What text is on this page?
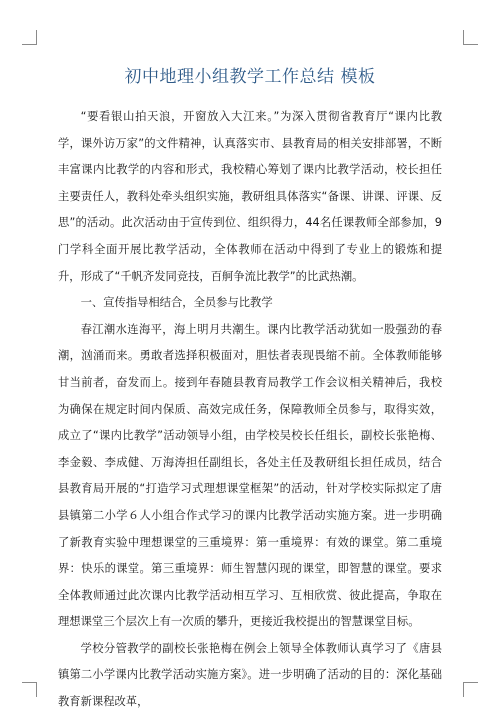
初中地理小组教学工作总结 模板

“要看银山拍天浪，开窗放入大江来。”为深入贯彻省教育厅“课内比教学，课外访万家”的文件精神，认真落实市、县教育局的相关安排部署，不断丰富课内比教学的内容和形式，我校精心筹划了课内比教学活动，校长担任主要责任人，教科处牵头组织实施，教研组具体落实“备课、讲课、评课、反思”的活动。此次活动由于宣传到位、组织得力，44名任课教师全部参加，9门学科全面开展比教学活动，全体教师在活动中得到了专业上的锻炼和提升，形成了“千帆齐发同竞技，百舸争流比教学”的比武热潮。

一、宣传指导相结合，全员参与比教学

春江潮水连海平，海上明月共潮生。课内比教学活动犹如一股强劲的春潮，汹涌而来。勇敢者选择积极面对，胆怯者表现畏缩不前。全体教师能够甘当前者，奋发而上。接到年春随县教育局教学工作会议相关精神后，我校为确保在规定时间内保质、高效完成任务，保障教师全员参与，取得实效，成立了“课内比教学”活动领导小组，由学校吴校长任组长，副校长张艳梅、李金毅、李成健、万海涛担任副组长，各处主任及教研组长担任成员，结合县教育局开展的“打造学习式理想课堂框架”的活动，针对学校实际拟定了唐县镇第二小学６人小组合作式学习的课内比教学活动实施方案。进一步明确了新教育实验中理想课堂的三重境界：第一重境界：有效的课堂。第二重境界：快乐的课堂。第三重境界：师生智慧闪现的课堂，即智慧的课堂。要求全体教师通过此次课内比教学活动相互学习、互相欣赏、彼此提高，争取在理想课堂三个层次上有一次质的攀升，更接近我校提出的智慧课堂目标。

学校分管教学的副校长张艳梅在例会上领导全体教师认真学习了《唐县镇第二小学课内比教学活动实施方案》。进一步明确了活动的目的：深化基础教育新课程改革，
